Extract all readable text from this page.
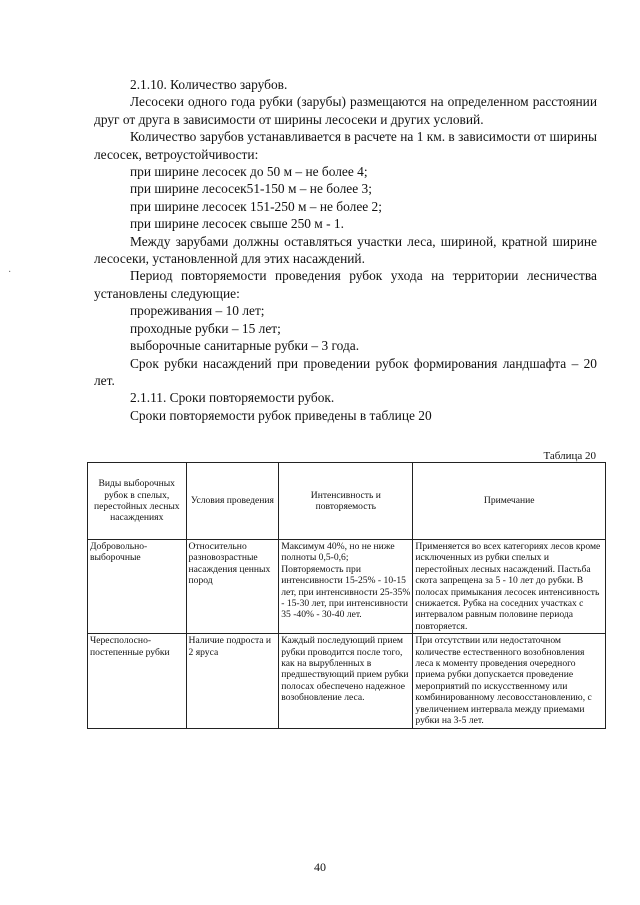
·

2.1.10. Количество зарубов.

Лесосеки одного года рубки (зарубы) размещаются на определенном расстоянии друг от друга в зависимости от ширины лесосеки и других условий.

Количество зарубов устанавливается в расчете на 1 км. в зависимости от ширины лесосек, ветроустойчивости:

при ширине лесосек до 50 м – не более 4;

при ширине лесосек51-150 м – не более 3;

при ширине лесосек 151-250 м – не более 2;

при ширине лесосек свыше 250 м - 1.

Между зарубами должны оставляться участки леса, шириной, кратной ширине лесосеки, установленной для этих насаждений.

Период повторяемости проведения рубок ухода на территории лесничества установлены следующие:

прореживания – 10 лет;

проходные рубки – 15 лет;

выборочные санитарные рубки – 3 года.

Срок рубки насаждений при проведении рубок формирования ландшафта – 20 лет.

2.1.11. Сроки повторяемости рубок.

Сроки повторяемости рубок приведены в таблице 20

Таблица 20
Виды выборочных рубок в спелых, перестойных лесных насаждениях	Условия проведения	Интенсивность и повторяемость	Примечание
Добровольно-выборочные	Относительно разновозрастные насаждения ценных пород	Максимум 40%, но не ниже полноты 0,5-0,6; Повторяемость при интенсивности 15-25% - 10-15 лет, при интенсивности 25-35% - 15-30 лет, при интенсивности 35 -40% - 30-40 лет.	Применяется во всех категориях лесов кроме исключенных из рубки спелых и перестойных лесных насаждений. Пастьба скота запрещена за 5 - 10 лет до рубки. В полосах примыкания лесосек интенсивность снижается. Рубка на соседних участках с интервалом равным половине периода повторяется.
Чересполосно-постепенные рубки	Наличие подроста и 2 яруса	Каждый последующий прием рубки проводится после того, как на вырубленных в предшествующий прием рубки полосах обеспечено надежное возобновление леса.	При отсутствии или недостаточном количестве естественного возобновления леса к моменту проведения очередного приема рубки допускается проведение мероприятий по искусственному или комбинированному лесовосстановлению, с увеличением интервала между приемами рубки на 3-5 лет.
40
